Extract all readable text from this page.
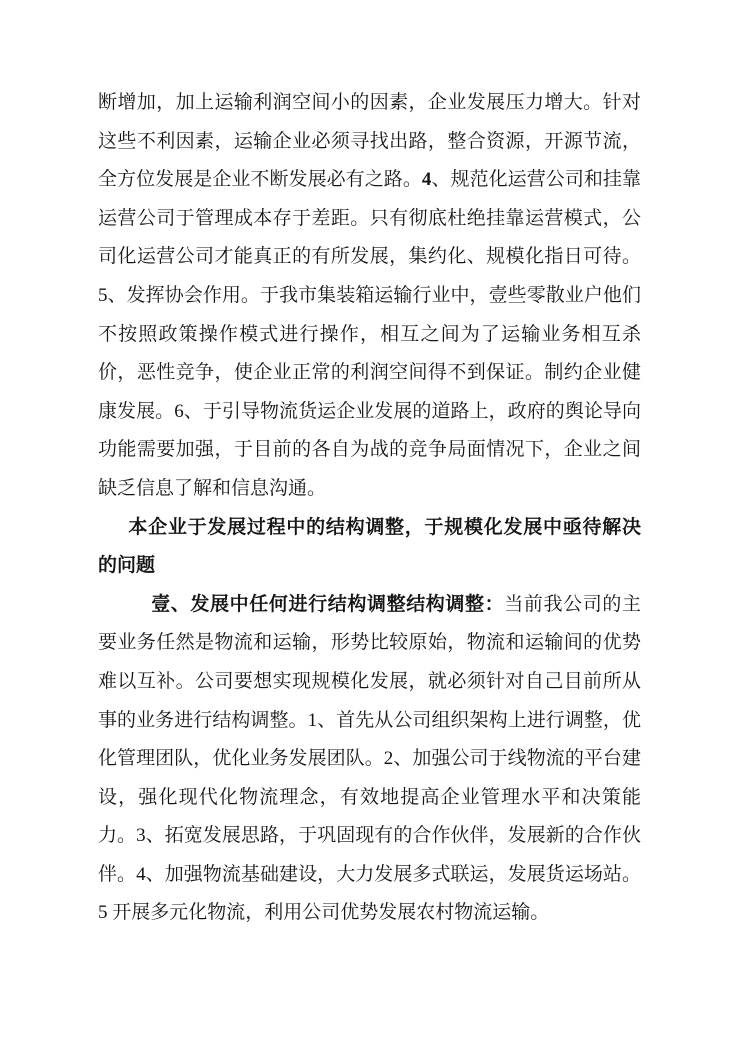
断增加，加上运输利润空间小的因素，企业发展压力增大。针对这些不利因素，运输企业必须寻找出路，整合资源，开源节流，全方位发展是企业不断发展必有之路。4、规范化运营公司和挂靠运营公司于管理成本存于差距。只有彻底杜绝挂靠运营模式，公司化运营公司才能真正的有所发展，集约化、规模化指日可待。5、发挥协会作用。于我市集装箱运输行业中，壹些零散业户他们不按照政策操作模式进行操作，相互之间为了运输业务相互杀价，恶性竞争，使企业正常的利润空间得不到保证。制约企业健康发展。6、于引导物流货运企业发展的道路上，政府的舆论导向功能需要加强，于目前的各自为战的竞争局面情况下，企业之间缺乏信息了解和信息沟通。

本企业于发展过程中的结构调整，于规模化发展中亟待解决的问题

壹、发展中任何进行结构调整结构调整：当前我公司的主要业务任然是物流和运输，形势比较原始，物流和运输间的优势难以互补。公司要想实现规模化发展，就必须针对自己目前所从事的业务进行结构调整。1、首先从公司组织架构上进行调整，优化管理团队，优化业务发展团队。2、加强公司于线物流的平台建设，强化现代化物流理念，有效地提高企业管理水平和决策能力。3、拓宽发展思路，于巩固现有的合作伙伴，发展新的合作伙伴。4、加强物流基础建设，大力发展多式联运，发展货运场站。5 开展多元化物流，利用公司优势发展农村物流运输。
